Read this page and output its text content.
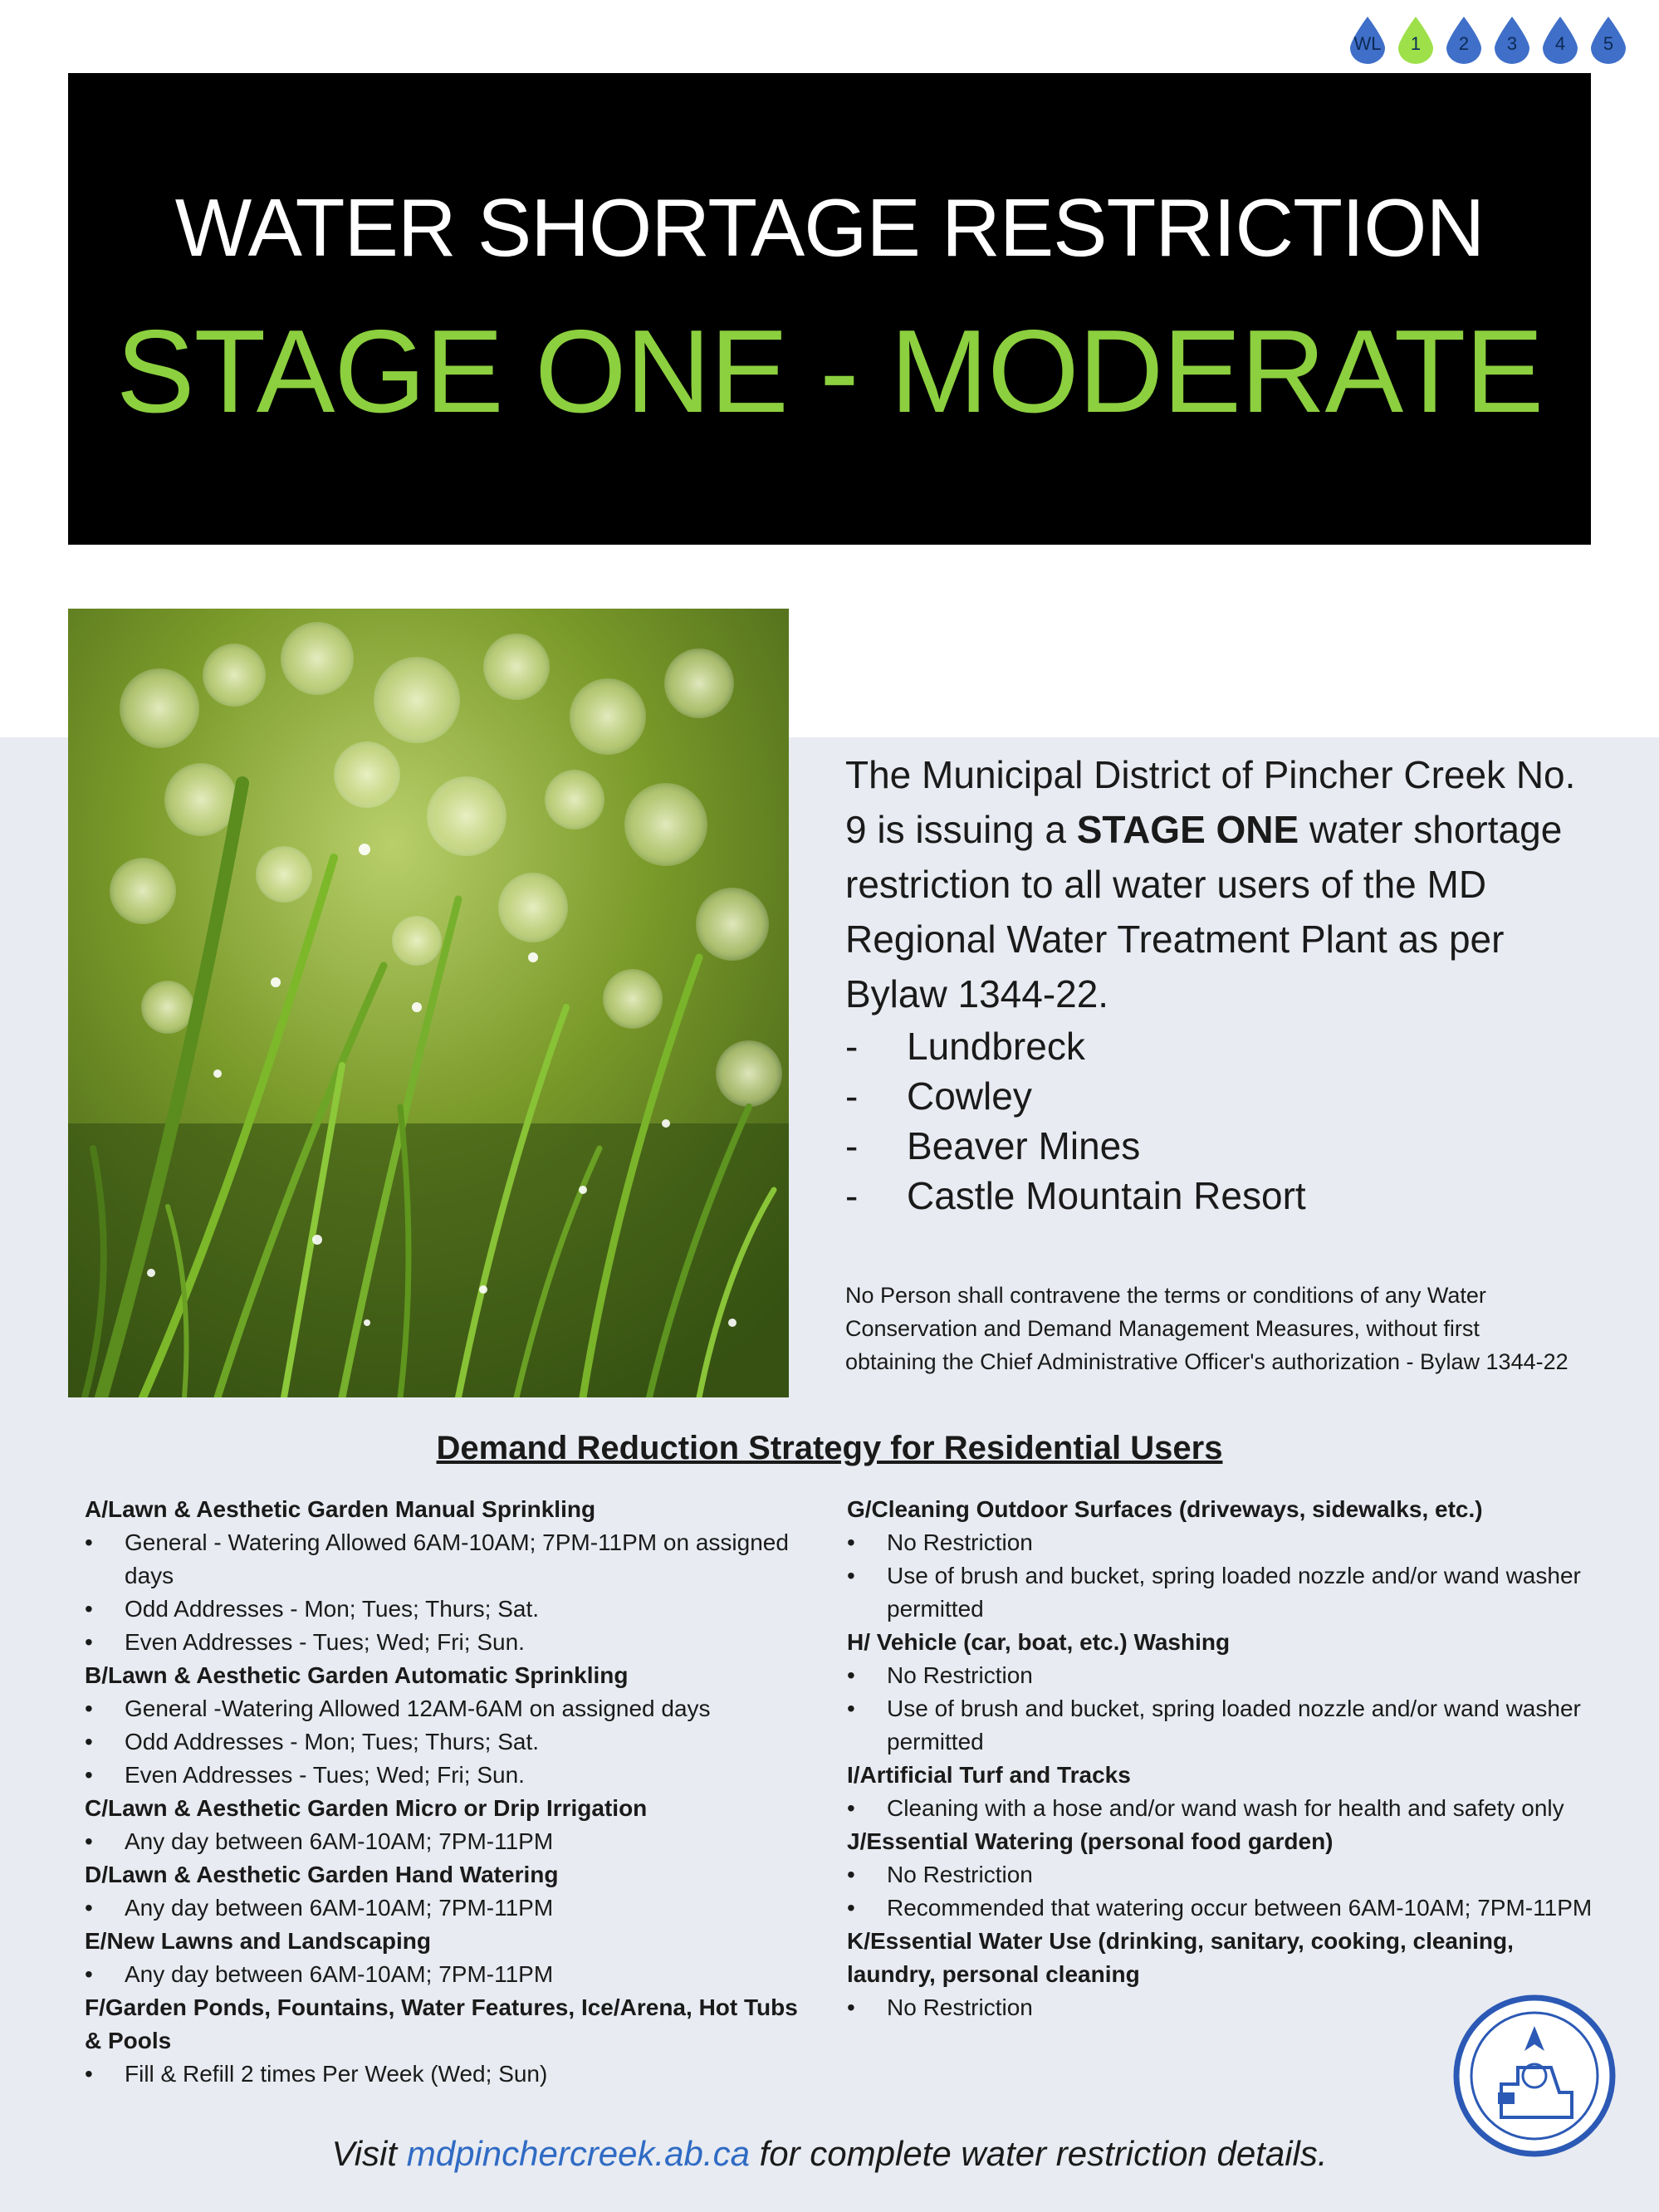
WL	1	2	3	4	5
WATER SHORTAGE RESTRICTION
STAGE ONE - MODERATE

The Municipal District of Pincher Creek No. 9 is issuing a STAGE ONE water shortage restriction to all water users of the MD Regional Water Treatment Plant as per Bylaw 1344-22.

-	Lundbreck
-	Cowley
-	Beaver Mines
-	Castle Mountain Resort
No Person shall contravene the terms or conditions of any Water Conservation and Demand Management Measures, without first obtaining the Chief Administrative Officer's authorization - Bylaw 1344-22
Demand Reduction Strategy for Residential Users
A/Lawn & Aesthetic Garden Manual Sprinkling
•	General - Watering Allowed 6AM-10AM; 7PM-11PM on assigned days
•	Odd Addresses - Mon; Tues; Thurs; Sat.
•	Even Addresses - Tues; Wed; Fri; Sun.
B/Lawn & Aesthetic Garden Automatic Sprinkling
•	General -Watering Allowed 12AM-6AM on assigned days
•	Odd Addresses - Mon; Tues; Thurs; Sat.
•	Even Addresses - Tues; Wed; Fri; Sun.
C/Lawn & Aesthetic Garden Micro or Drip Irrigation
•	Any day between 6AM-10AM; 7PM-11PM
D/Lawn & Aesthetic Garden Hand Watering
•	Any day between 6AM-10AM; 7PM-11PM
E/New Lawns and Landscaping
•	Any day between 6AM-10AM; 7PM-11PM
F/Garden Ponds, Fountains, Water Features, Ice/Arena, Hot Tubs & Pools
•	Fill & Refill 2 times Per Week (Wed; Sun)
G/Cleaning Outdoor Surfaces (driveways, sidewalks, etc.)
•	No Restriction
•	Use of brush and bucket, spring loaded nozzle and/or wand washer permitted
H/ Vehicle (car, boat, etc.) Washing
•	No Restriction
•	Use of brush and bucket, spring loaded nozzle and/or wand washer permitted
I/Artificial Turf and Tracks
•	Cleaning with a hose and/or wand wash for health and safety only
J/Essential Watering (personal food garden)
•	No Restriction
•	Recommended that watering occur between 6AM-10AM; 7PM-11PM
K/Essential Water Use (drinking, sanitary, cooking, cleaning, laundry, personal cleaning
•	No Restriction
Visit mdpinchercreek.ab.ca for complete water restriction details.
